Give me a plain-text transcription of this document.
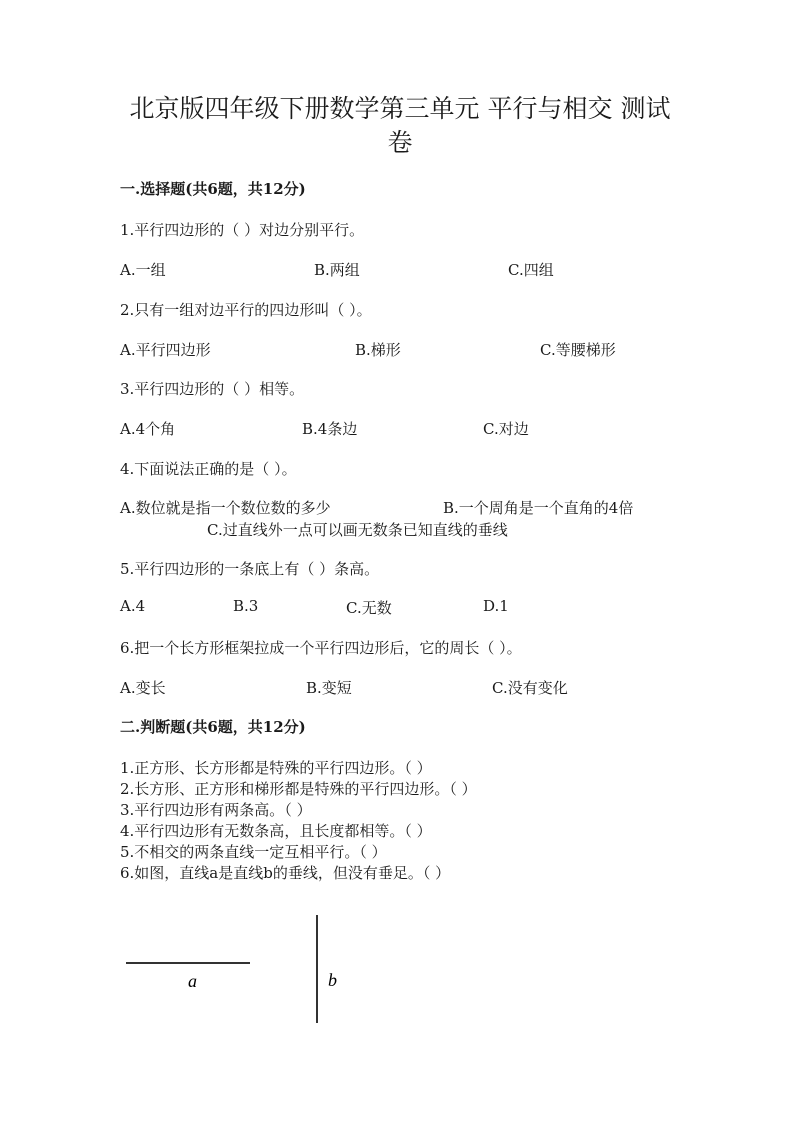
北京版四年级下册数学第三单元 平行与相交 测试
卷

一.选择题(共6题，共12分)

1.平行四边形的（ ）对边分别平行。

A.一组	B.两组	C.四组

2.只有一组对边平行的四边形叫（ ）。

A.平行四边形	B.梯形	C.等腰梯形

3.平行四边形的（ ）相等。

A.4个角	B.4条边	C.对边

4.下面说法正确的是（ ）。

A.数位就是指一个数位数的多少	B.一个周角是一个直角的4倍
C.过直线外一点可以画无数条已知直线的垂线

5.平行四边形的一条底上有（ ）条高。

A.4	B.3	C.无数	D.1

6.把一个长方形框架拉成一个平行四边形后，它的周长（ ）。

A.变长	B.变短	C.没有变化

二.判断题(共6题，共12分)

1.正方形、长方形都是特殊的平行四边形。（ ）
2.长方形、正方形和梯形都是特殊的平行四边形。（ ）
3.平行四边形有两条高。（ ）
4.平行四边形有无数条高，且长度都相等。（ ）
5.不相交的两条直线一定互相平行。（ ）
6.如图，直线a是直线b的垂线，但没有垂足。（ ）
a	b
